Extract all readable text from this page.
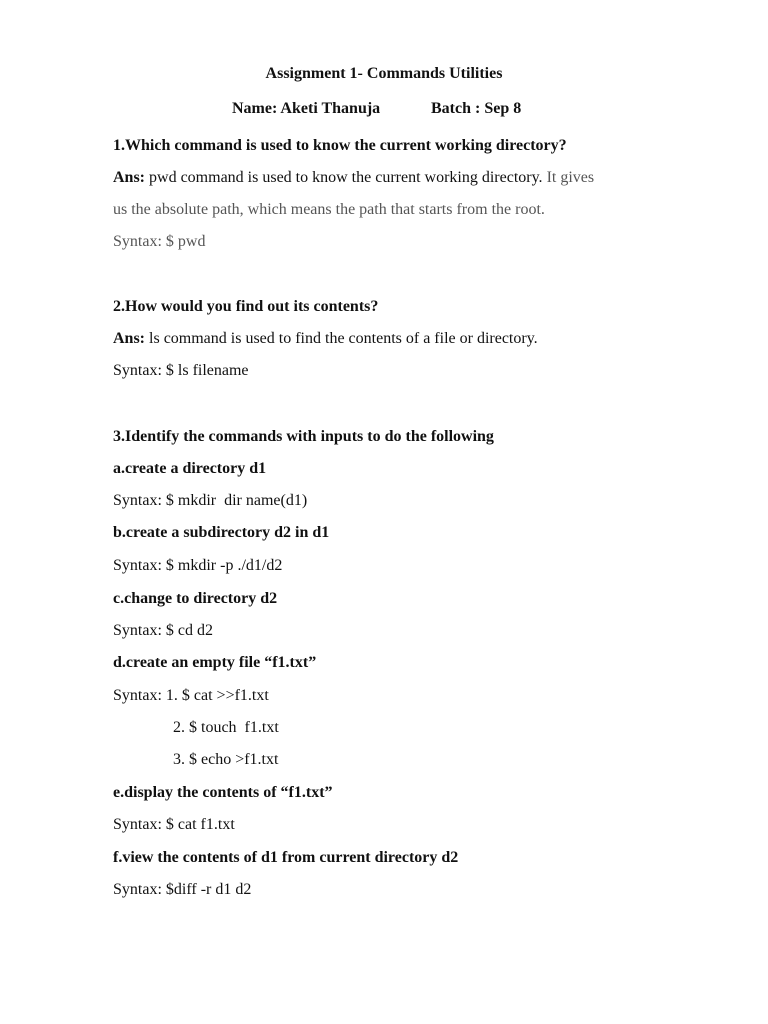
Assignment 1- Commands Utilities
Name: Aketi Thanuja	Batch : Sep 8
1.Which command is used to know the current working directory?
Ans: pwd command is used to know the current working directory. It gives
us the absolute path, which means the path that starts from the root.
Syntax: $ pwd
2.How would you find out its contents?
Ans: ls command is used to find the contents of a file or directory.
Syntax: $ ls filename
3.Identify the commands with inputs to do the following
a.create a directory d1
Syntax: $ mkdir  dir name(d1)
b.create a subdirectory d2 in d1
Syntax: $ mkdir -p ./d1/d2
c.change to directory d2
Syntax: $ cd d2
d.create an empty file “f1.txt”
Syntax: 1. $ cat >>f1.txt
2. $ touch  f1.txt
3. $ echo >f1.txt
e.display the contents of “f1.txt”
Syntax: $ cat f1.txt
f.view the contents of d1 from current directory d2
Syntax: $diff -r d1 d2
